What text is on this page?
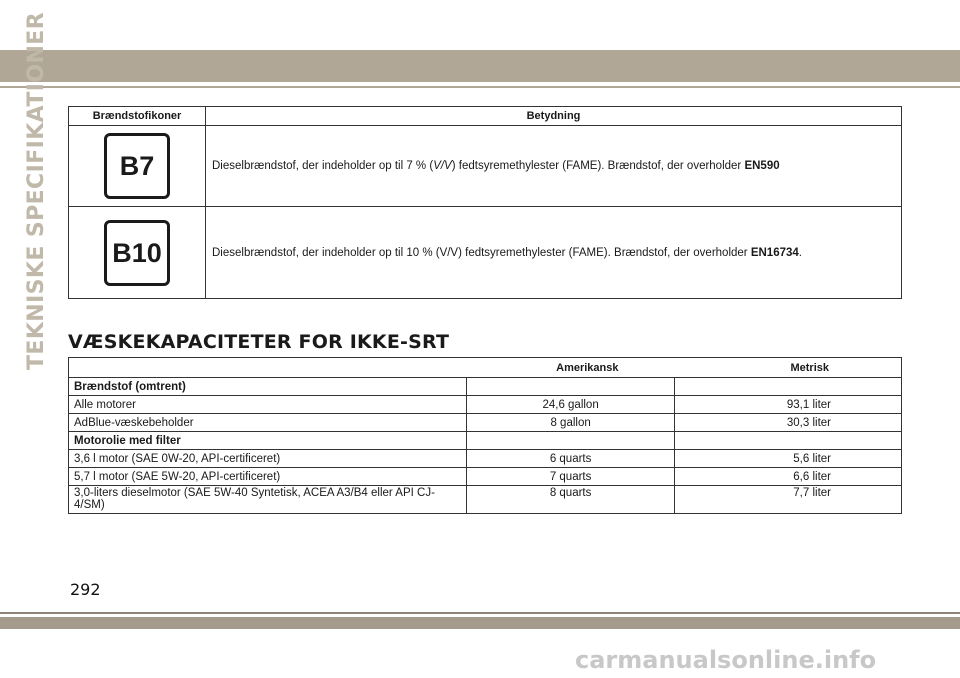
TEKNISKE SPECIFIKATIONER	Brændstofikoner	Betydning
B7	Dieselbrændstof, der indeholder op til 7 % (V/V) fedtsyremethylester (FAME). Brændstof, der overholder EN590
B10	Dieselbrændstof, der indeholder op til 10 % (V/V) fedtsyremethylester (FAME). Brændstof, der overholder EN16734.
VÆSKEKAPACITETER FOR IKKE-SRT
	Amerikansk	Metrisk
Brændstof (omtrent)		
Alle motorer	24,6 gallon	93,1 liter
AdBlue-væskebeholder	8 gallon	30,3 liter
Motorolie med filter		
3,6 l motor (SAE 0W-20, API-certificeret)	6 quarts	5,6 liter
5,7 l motor (SAE 5W-20, API-certificeret)	7 quarts	6,6 liter
3,0-liters dieselmotor (SAE 5W-40 Syntetisk, ACEA A3/B4 eller API CJ-4/SM)	8 quarts	7,7 liter
292
carmanualsonline.info
